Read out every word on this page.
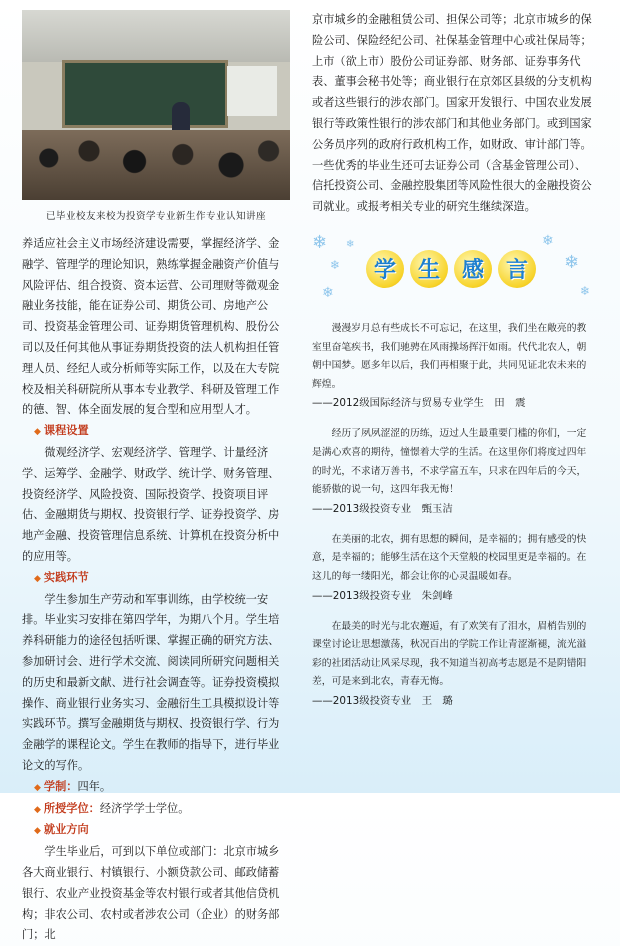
已毕业校友来校为投资学专业新生作专业认知讲座

养适应社会主义市场经济建设需要，掌握经济学、金融学、管理学的理论知识，熟练掌握金融资产价值与风险评估、组合投资、资本运营、公司理财等微观金融业务技能，能在证券公司、期货公司、房地产公司、投资基金管理公司、证券期货管理机构、股份公司以及任何其他从事证券期货投资的法人机构担任管理人员、经纪人或分析师等实际工作，以及在大专院校及相关科研院所从事本专业教学、科研及管理工作的德、智、体全面发展的复合型和应用型人才。

◆ 课程设置

微观经济学、宏观经济学、管理学、计量经济学、运筹学、金融学、财政学、统计学、财务管理、投资经济学、风险投资、国际投资学、投资项目评估、金融期货与期权、投资银行学、证券投资学、房地产金融、投资管理信息系统、计算机在投资分析中的应用等。

◆ 实践环节

学生参加生产劳动和军事训练，由学校统一安排。毕业实习安排在第四学年，为期八个月。学生培养科研能力的途径包括听课、掌握正确的研究方法、参加研讨会、进行学术交流、阅读同所研究问题相关的历史和最新文献、进行社会调查等。证券投资模拟操作、商业银行业务实习、金融衍生工具模拟设计等实践环节。撰写金融期货与期权、投资银行学、行为金融学的课程论文。学生在教师的指导下，进行毕业论文的写作。

◆ 学制：四年。
◆ 所授学位：经济学学士学位。
◆ 就业方向

学生毕业后，可到以下单位或部门：北京市城乡各大商业银行、村镇银行、小额贷款公司、邮政储蓄银行、农业产业投资基金等农村银行或者其他信贷机构；非农公司、农村或者涉农公司（企业）的财务部门；北

京市城乡的金融租赁公司、担保公司等；北京市城乡的保险公司、保险经纪公司、社保基金管理中心或社保局等；上市（欲上市）股份公司证券部、财务部、证券事务代表、董事会秘书处等；商业银行在京郊区县级的分支机构或者这些银行的涉农部门。国家开发银行、中国农业发展银行等政策性银行的涉农部门和其他业务部门。或到国家公务员序列的政府行政机构工作，如财政、审计部门等。一些优秀的毕业生还可去证券公司（含基金管理公司）、信托投资公司、金融控股集团等风险性很大的金融投资公司就业。或报考相关专业的研究生继续深造。

❄
❄
❄	❄
❄
❄
❄
学 生 感 言

漫漫岁月总有些成长不可忘记，在这里，我们坐在敞亮的教室里奋笔疾书，我们驰骋在风雨操场挥汗如雨。代代北农人，朝朝中国梦。愿多年以后，我们再相聚于此，共同见证北农未来的辉煌。

——2012级国际经济与贸易专业学生　田　震

经历了夙夙涩涩的历练，迈过人生最重要门槛的你们，一定是满心欢喜的期待，憧憬着大学的生活。在这里你们将度过四年的时光，不求诸万善书，不求学富五车，只求在四年后的今天，能骄傲的说一句，这四年我无悔！

——2013级投资专业　甄玉洁

在美丽的北农，拥有思想的瞬间，是幸福的；拥有感受的快意，是幸福的；能够生活在这个天堂般的校园里更是幸福的。在这儿的每一缕阳光，都会让你的心灵温暖如春。

——2013级投资专业　朱剑峰

在最美的时光与北农邂逅，有了欢笑有了泪水，眉梢告别的课堂讨论让思想激荡，秋况百出的学院工作让青涩渐褪，流光溢彩的社团活动让风采尽现，我不知道当初高考志愿是不是阴错阳差，可是来到北农，青春无悔。

——2013级投资专业　王　璐
